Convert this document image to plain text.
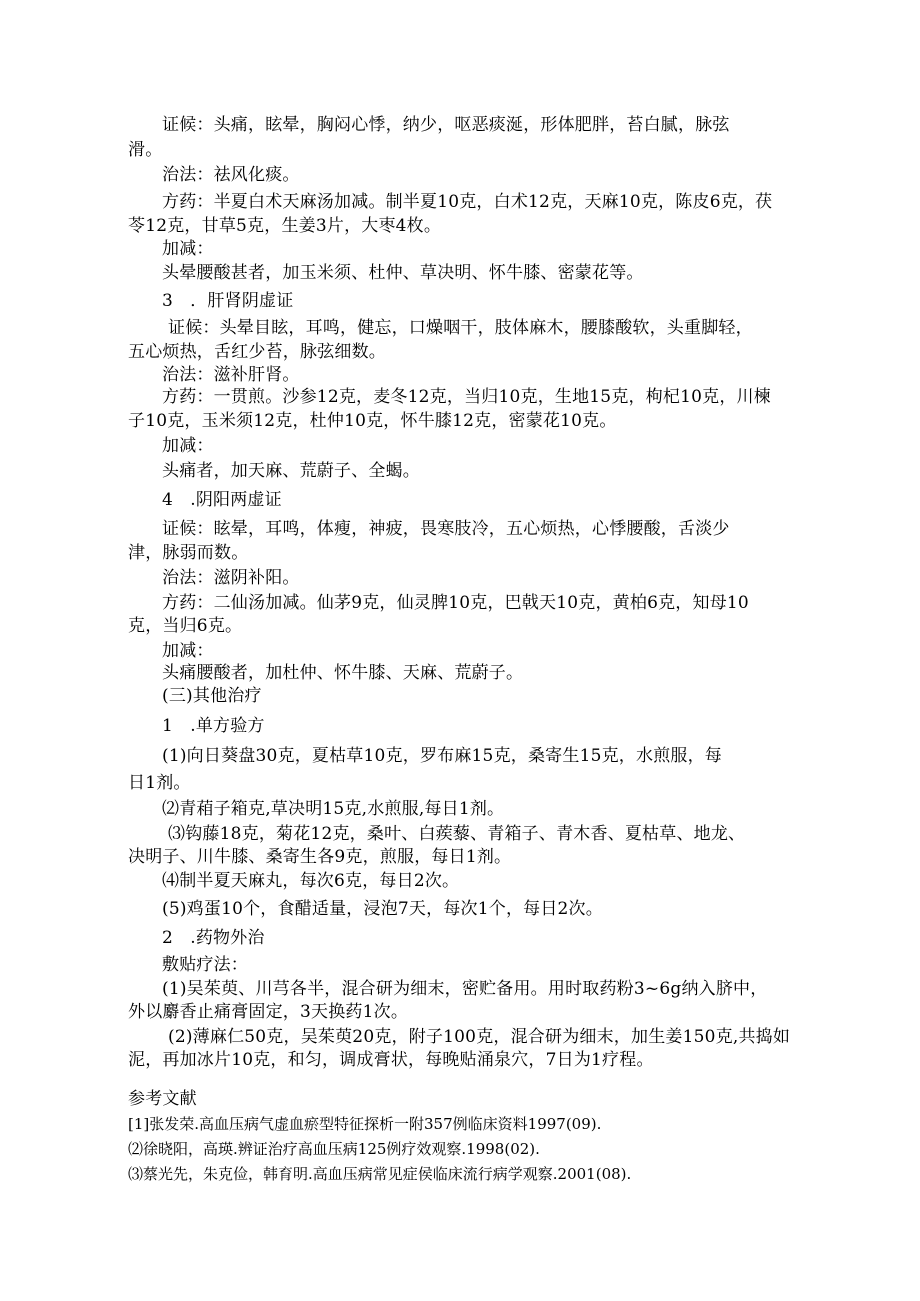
证候：头痛，眩晕，胸闷心悸，纳少，呕恶痰涎，形体肥胖，苔白腻，脉弦
滑。
治法：祛风化痰。
方药：半夏白术天麻汤加减。制半夏10克，白术12克，天麻10克，陈皮6克，茯
苓12克，甘草5克，生姜3片，大枣4枚。
加减：
头晕腰酸甚者，加玉米须、杜仲、草决明、怀牛膝、密蒙花等。
3　．肝肾阴虚证
证候：头晕目眩，耳鸣，健忘，口燥咽干，肢体麻木，腰膝酸软，头重脚轻，
五心烦热，舌红少苔，脉弦细数。
治法：滋补肝肾。
方药：一贯煎。沙参12克，麦冬12克，当归10克，生地15克，枸杞10克，川楝
子10克，玉米须12克，杜仲10克，怀牛膝12克，密蒙花10克。
加减：
头痛者，加天麻、荒蔚子、全蝎。
4　.阴阳两虚证
证候：眩晕，耳鸣，体瘦，神疲，畏寒肢冷，五心烦热，心悸腰酸，舌淡少
津，脉弱而数。
治法：滋阴补阳。
方药：二仙汤加减。仙茅9克，仙灵脾10克，巴戟天10克，黄柏6克，知母10
克，当归6克。
加减：
头痛腰酸者，加杜仲、怀牛膝、天麻、荒蔚子。
(三)其他治疗
1　.单方验方
(1)向日葵盘30克，夏枯草10克，罗布麻15克，桑寄生15克，水煎服，每
日1剂。
⑵青葙子箱克,草决明15克,水煎服,每日1剂。
⑶钩藤18克，菊花12克，桑叶、白蒺藜、青箱子、青木香、夏枯草、地龙、
决明子、川牛膝、桑寄生各9克，煎服，每日1剂。
⑷制半夏天麻丸，每次6克，每日2次。
(5)鸡蛋10个，食醋适量，浸泡7天，每次1个，每日2次。
2　.药物外治
敷贴疗法：
(1)吴茱萸、川芎各半，混合研为细末，密贮备用。用时取药粉3~6g纳入脐中，
外以麝香止痛膏固定，3天换药1次。
(2)薄麻仁50克，吴茱萸20克，附子100克，混合研为细末，加生姜150克,共捣如
泥，再加冰片10克，和匀，调成膏状，每晚贴涌泉穴，7日为1疗程。
参考文献
[1]张发荣.高血压病气虚血瘀型特征探析一附357例临床资料1997(09).
⑵徐晓阳，高瑛.辨证治疗高血压病125例疗效观察.1998(02).
⑶蔡光先，朱克俭，韩育明.高血压病常见症侯临床流行病学观察.2001(08).
